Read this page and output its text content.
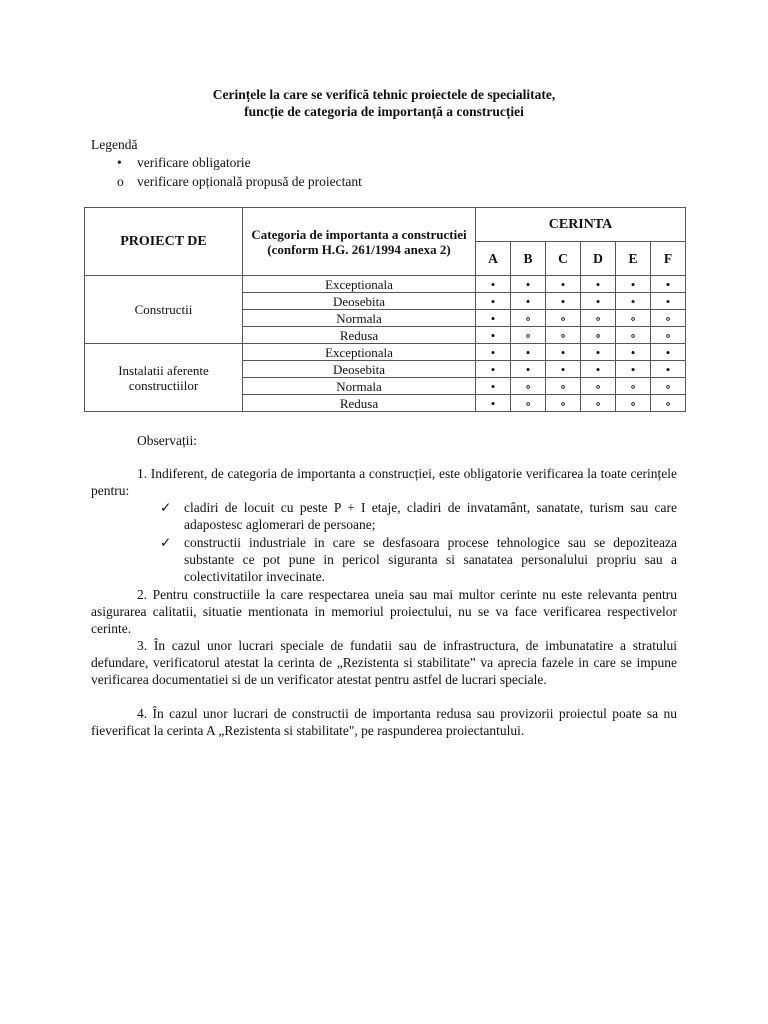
Cerințele la care se verifică tehnic proiectele de specialitate,
funcție de categoria de importanță a construcției
Legendă
• verificare obligatorie
o verificare opțională propusă de proiectant
PROIECT DE	Categoria de importanta a constructiei (conform H.G. 261/1994 anexa 2)	CERINTA					
		A	B	C	D	E	F
Constructii	Exceptionala	•	•	•	•	•	•
	Deosebita	•	•	•	•	•	•
	Normala	•	∘	∘	∘	∘	∘
	Redusa	•	∘	∘	∘	∘	∘
Instalatii aferente constructiilor	Exceptionala	•	•	•	•	•	•
	Deosebita	•	•	•	•	•	•
	Normala	•	∘	∘	∘	∘	∘
	Redusa	•	∘	∘	∘	∘	∘
Observații:
1. Indiferent, de categoria de importanta a construcției, este obligatorie verificarea la toate cerințele pentru:
✓ cladiri de locuit cu peste P + I etaje, cladiri de invatamânt, sanatate, turism sau care adapostesc aglomerari de persoane;
✓ constructii industriale in care se desfasoara procese tehnologice sau se depoziteaza substante ce pot pune in pericol siguranta si sanatatea personalului propriu sau a colectivitatilor invecinate.
2. Pentru constructiile la care respectarea uneia sau mai multor cerinte nu este relevanta pentru asigurarea calitatii, situatie mentionata in memoriul proiectului, nu se va face verificarea respectivelor cerinte.
3. În cazul unor lucrari speciale de fundatii sau de infrastructura, de imbunatatire a stratului defundare, verificatorul atestat la cerinta de „Rezistenta si stabilitate” va aprecia fazele in care se impune verificarea documentatiei si de un verificator atestat pentru astfel de lucrari speciale.
4. În cazul unor lucrari de constructii de importanta redusa sau provizorii proiectul poate sa nu fieverificat la cerinta A „Rezistenta si stabilitate", pe raspunderea proiectantului.
